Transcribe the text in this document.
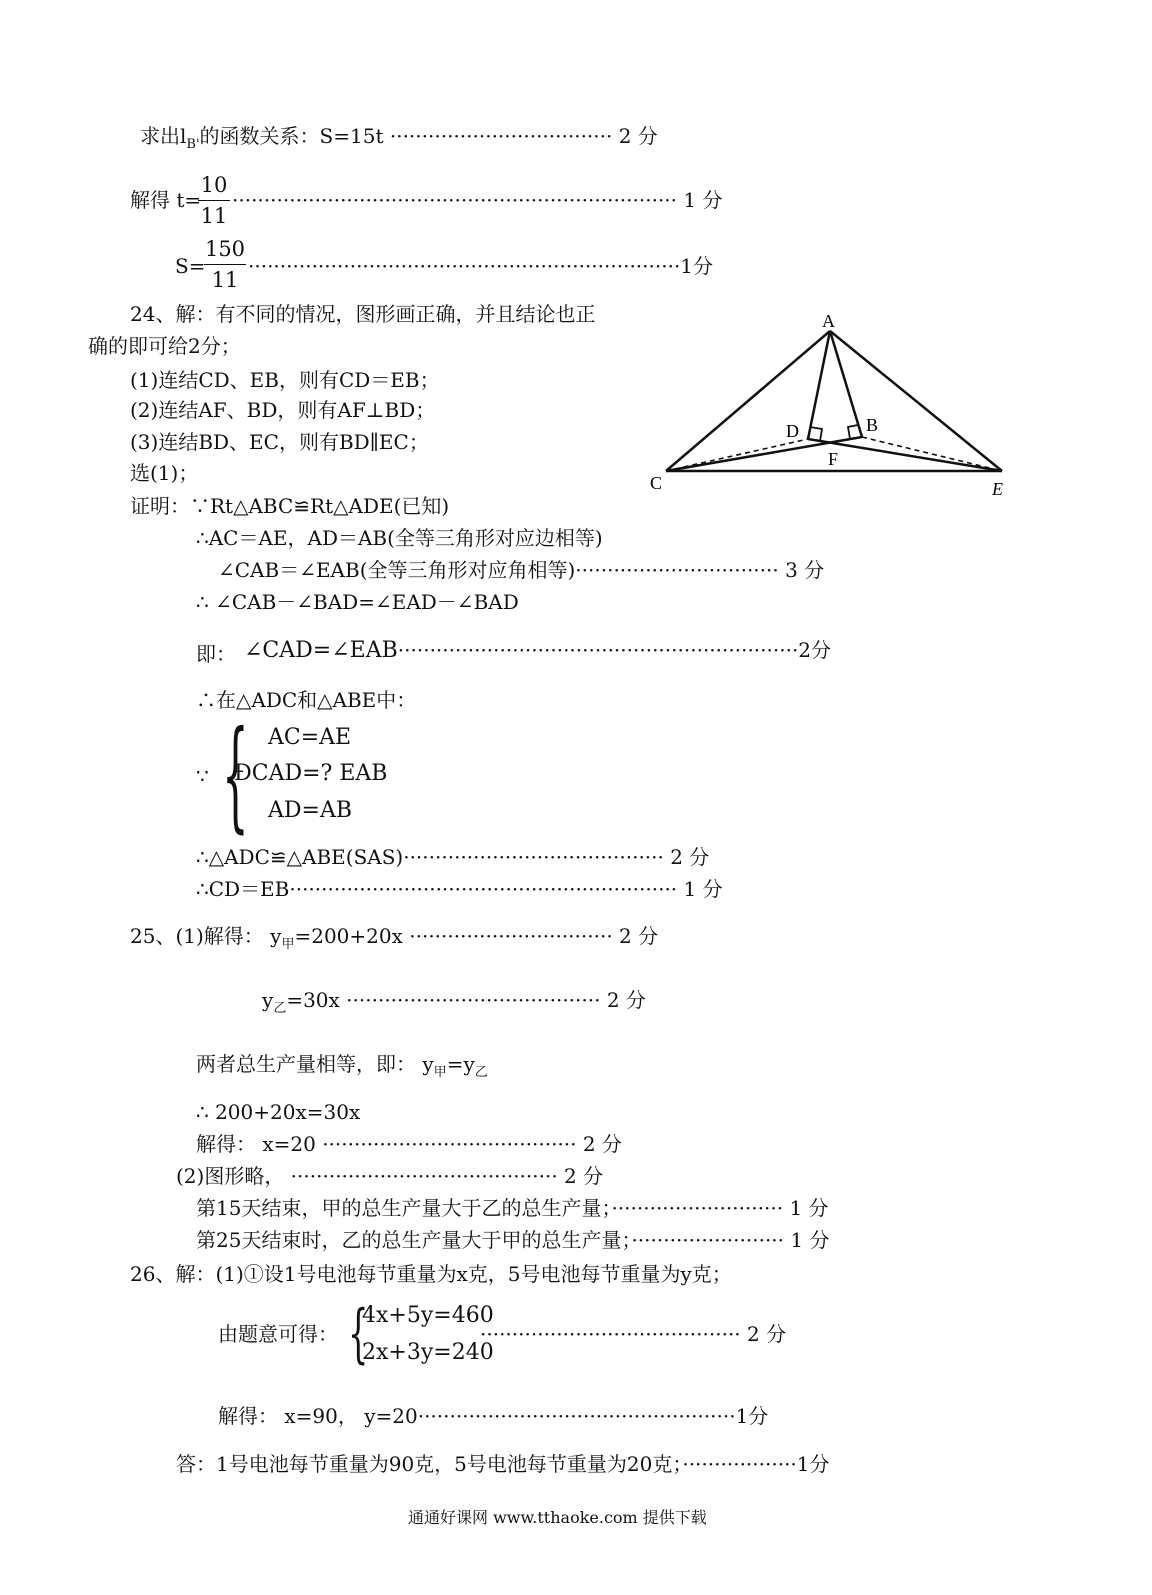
求出$l_{B'}$的函数关系：S=15t ··································· 2 分
解得 t=
10
11
······································································ 1 分
S=
150
11
····································································1分
24、解：有不同的情况，图形画正确，并且结论也正
确的即可给2分；
(1)连结CD、EB，则有CD＝EB；
(2)连结AF、BD，则有AF⊥BD；
(3)连结BD、EC，则有BD∥EC；
选(1)；
证明：∵Rt△ABC≌Rt△ADE(已知)
∴AC＝AE，AD＝AB(全等三角形对应边相等)
∠CAB＝∠EAB(全等三角形对应角相等)································ 3 分
∴ ∠CAB－∠BAD=∠EAD－∠BAD
即： ∠CAD=∠EAB·······························································2分
∴在△ADC和△ABE中：
∵ { AC=AE
ÐCAD=? EAB
AD=AB
∴△ADC≌△ABE(SAS)········································· 2 分
∴CD＝EB····························································· 1 分
A
B
C
D
E
F
25、(1)解得： $y_甲=200+20x$ ································ 2 分
$y_乙=30x$ ········································ 2 分
两者总生产量相等，即： $y_甲=y_乙$
∴ 200+20x=30x
解得： x=20 ········································ 2 分
(2)图形略， ·········································· 2 分
第15天结束，甲的总生产量大于乙的总生产量；··························· 1 分
第25天结束时，乙的总生产量大于甲的总生产量；························ 1 分
26、解：(1)①设1号电池每节重量为x克，5号电池每节重量为y克；
由题意可得： {
4x+5y=460
2x+3y=240
········································· 2 分
解得： x=90， y=20··················································1分
答：1号电池每节重量为90克，5号电池每节重量为20克；··················1分
通通好课网 www.tthaoke.com 提供下载
